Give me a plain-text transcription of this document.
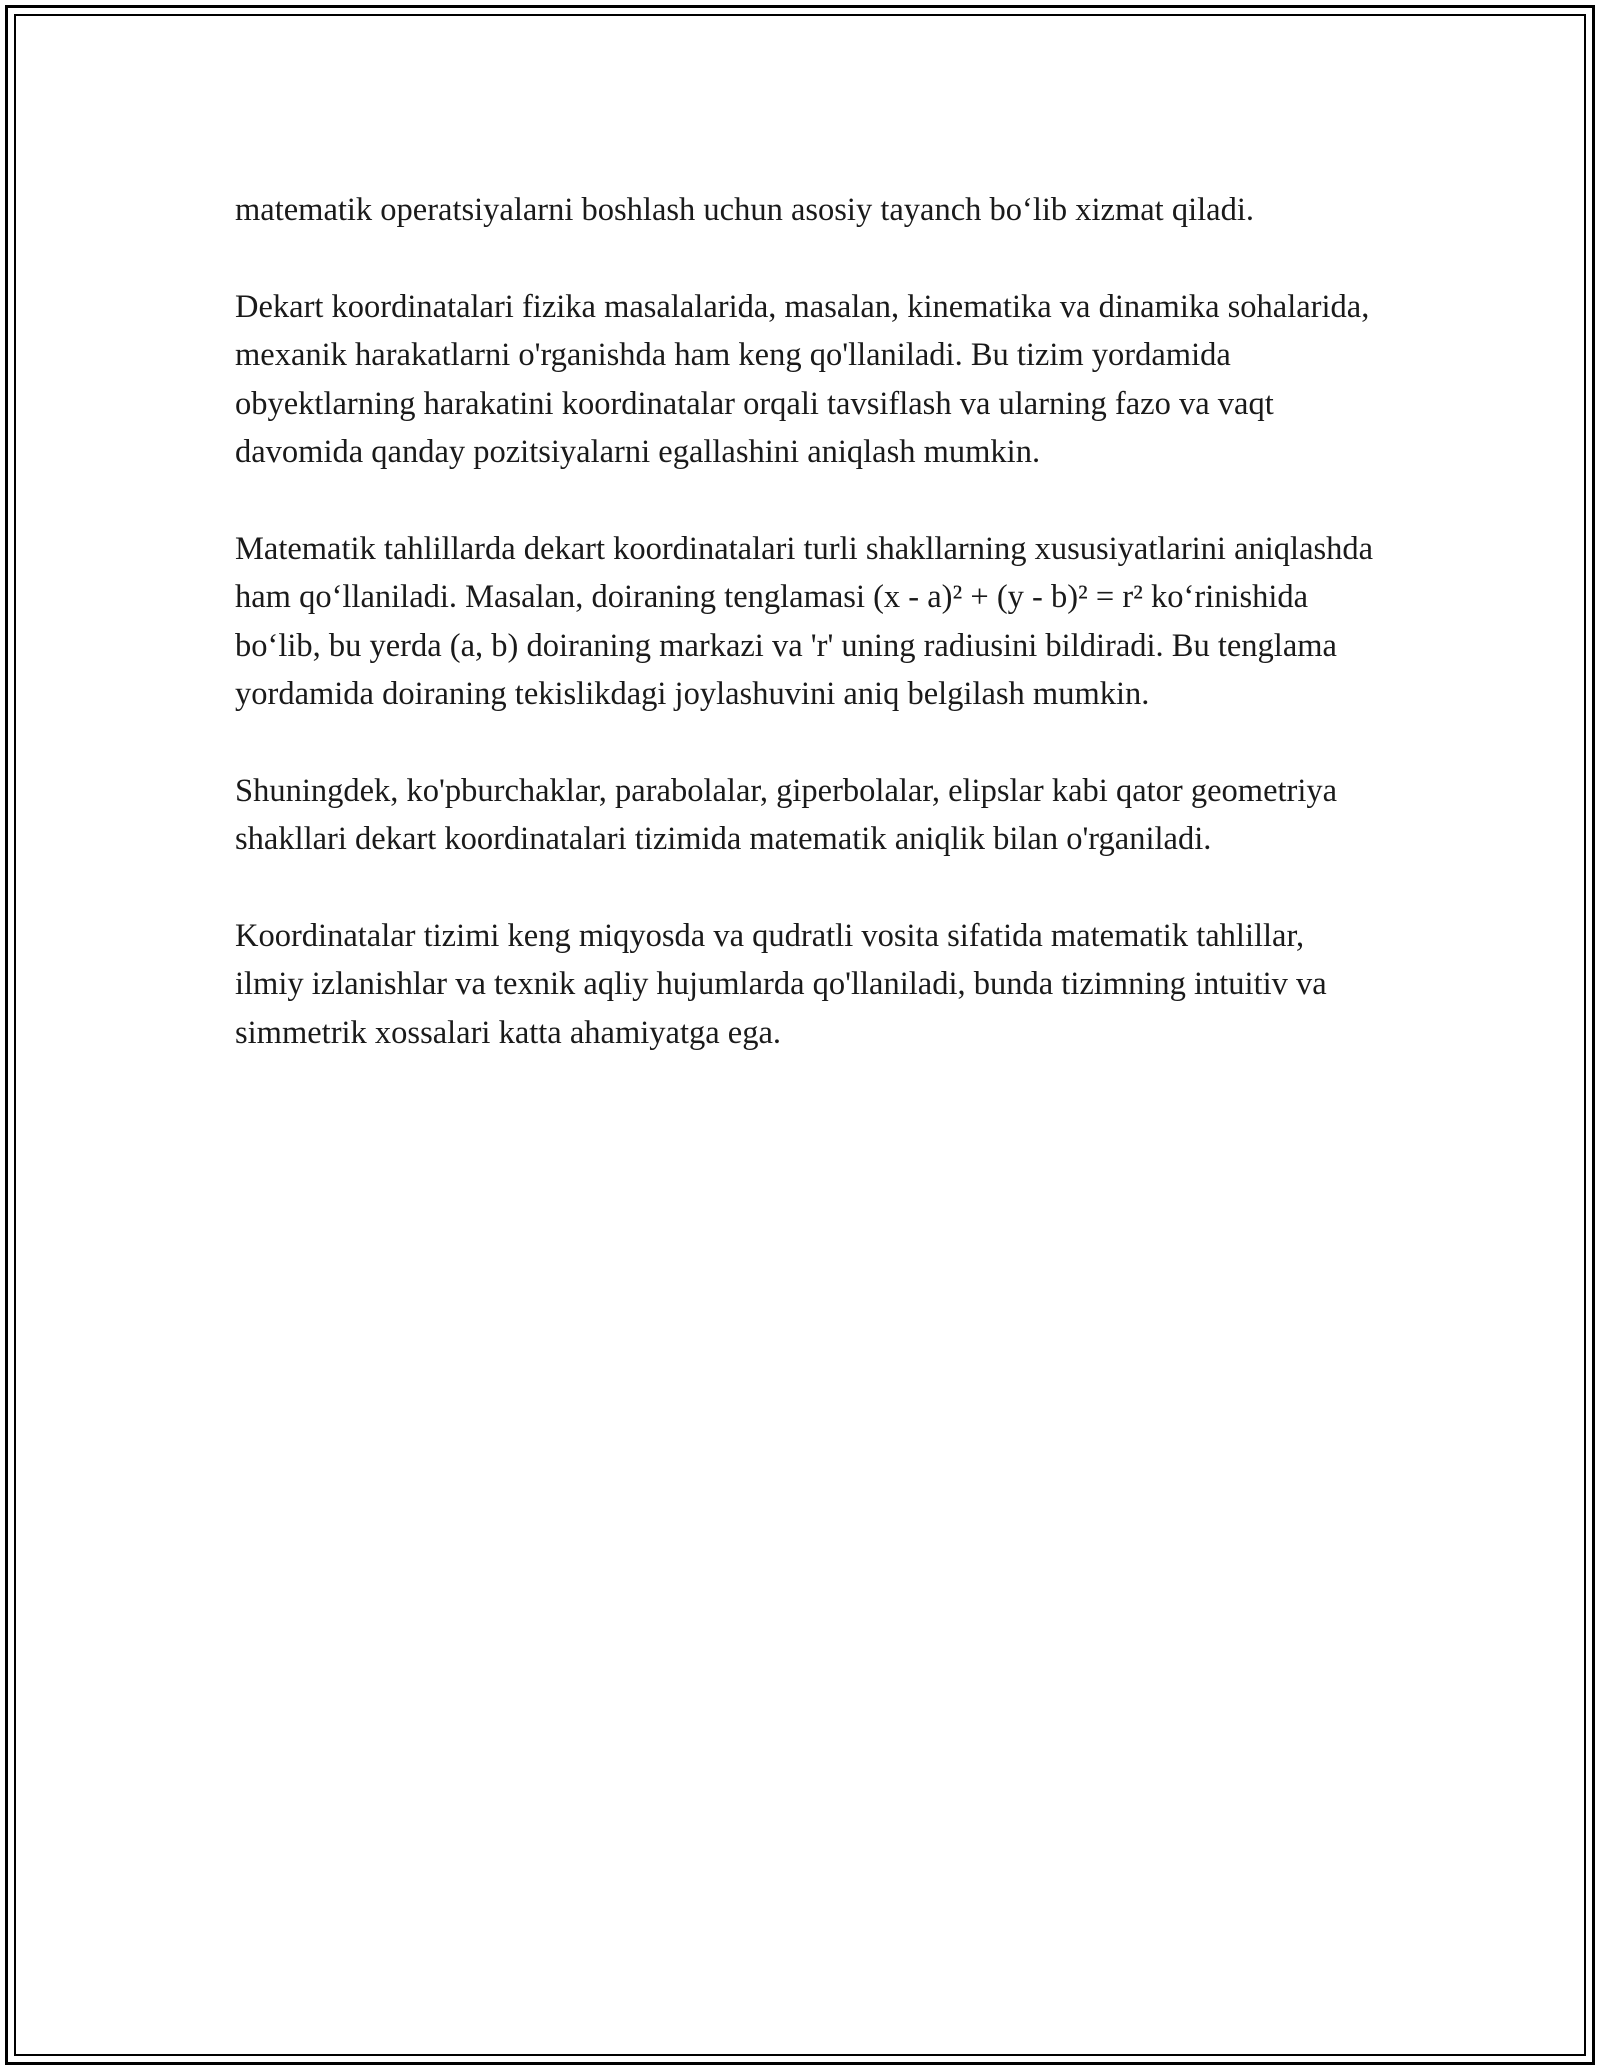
matematik operatsiyalarni boshlash uchun asosiy tayanch bo‘lib xizmat qiladi.

Dekart koordinatalari fizika masalalarida, masalan, kinematika va dinamika sohalarida, mexanik harakatlarni o'rganishda ham keng qo'llaniladi. Bu tizim yordamida obyektlarning harakatini koordinatalar orqali tavsiflash va ularning fazo va vaqt davomida qanday pozitsiyalarni egallashini aniqlash mumkin.

Matematik tahlillarda dekart koordinatalari turli shakllarning xususiyatlarini aniqlashda ham qo‘llaniladi. Masalan, doiraning tenglamasi (x - a)² + (y - b)² = r² ko‘rinishida bo‘lib, bu yerda (a, b) doiraning markazi va 'r' uning radiusini bildiradi. Bu tenglama yordamida doiraning tekislikdagi joylashuvini aniq belgilash mumkin.

Shuningdek, ko'pburchaklar, parabolalar, giperbolalar, elipslar kabi qator geometriya shakllari dekart koordinatalari tizimida matematik aniqlik bilan o'rganiladi.

Koordinatalar tizimi keng miqyosda va qudratli vosita sifatida matematik tahlillar, ilmiy izlanishlar va texnik aqliy hujumlarda qo'llaniladi, bunda tizimning intuitiv va simmetrik xossalari katta ahamiyatga ega.
